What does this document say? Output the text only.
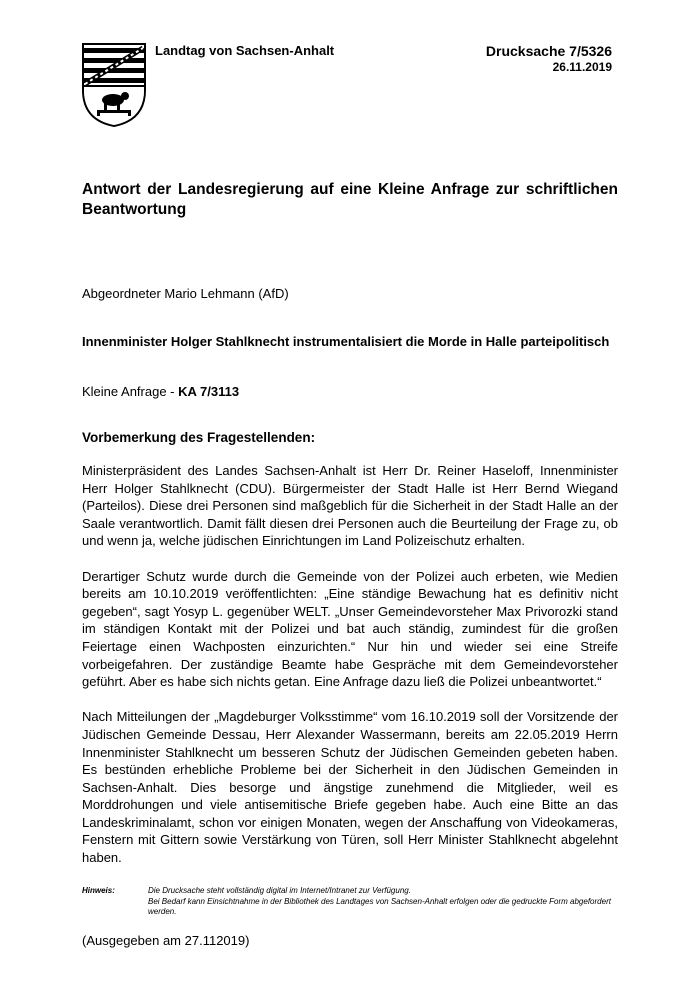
Landtag von Sachsen-Anhalt	Drucksache 7/5326
26.11.2019
Antwort der Landesregierung auf eine Kleine Anfrage zur schriftlichen Beantwortung

Abgeordneter Mario Lehmann (AfD)

Innenminister Holger Stahlknecht instrumentalisiert die Morde in Halle parteipolitisch

Kleine Anfrage - KA 7/3113

Vorbemerkung des Fragestellenden:

Ministerpräsident des Landes Sachsen-Anhalt ist Herr Dr. Reiner Haseloff, Innenminister Herr Holger Stahlknecht (CDU). Bürgermeister der Stadt Halle ist Herr Bernd Wiegand (Parteilos). Diese drei Personen sind maßgeblich für die Sicherheit in der Stadt Halle an der Saale verantwortlich. Damit fällt diesen drei Personen auch die Beurteilung der Frage zu, ob und wenn ja, welche jüdischen Einrichtungen im Land Polizeischutz erhalten.

Derartiger Schutz wurde durch die Gemeinde von der Polizei auch erbeten, wie Medien bereits am 10.10.2019 veröffentlichten: „Eine ständige Bewachung hat es definitiv nicht gegeben“, sagt Yosyp L. gegenüber WELT. „Unser Gemeindevorsteher Max Privorozki stand im ständigen Kontakt mit der Polizei und bat auch ständig, zumindest für die großen Feiertage einen Wachposten einzurichten.“ Nur hin und wieder sei eine Streife vorbeigefahren. Der zuständige Beamte habe Gespräche mit dem Gemeindevorsteher geführt. Aber es habe sich nichts getan. Eine Anfrage dazu ließ die Polizei unbeantwortet.“

Nach Mitteilungen der „Magdeburger Volksstimme“ vom 16.10.2019 soll der Vorsitzende der Jüdischen Gemeinde Dessau, Herr Alexander Wassermann, bereits am 22.05.2019 Herrn Innenminister Stahlknecht um besseren Schutz der Jüdischen Gemeinden gebeten haben. Es bestünden erhebliche Probleme bei der Sicherheit in den Jüdischen Gemeinden in Sachsen-Anhalt. Dies besorge und ängstige zunehmend die Mitglieder, weil es Morddrohungen und viele antisemitische Briefe gegeben habe. Auch eine Bitte an das Landeskriminalamt, schon vor einigen Monaten, wegen der Anschaffung von Videokameras, Fenstern mit Gittern sowie Verstärkung von Türen, soll Herr Minister Stahlknecht abgelehnt haben.

Hinweis:	Die Drucksache steht vollständig digital im Internet/Intranet zur Verfügung.
Bei Bedarf kann Einsichtnahme in der Bibliothek des Landtages von Sachsen-Anhalt erfolgen oder die gedruckte Form abgefordert werden.

(Ausgegeben am 27.112019)
